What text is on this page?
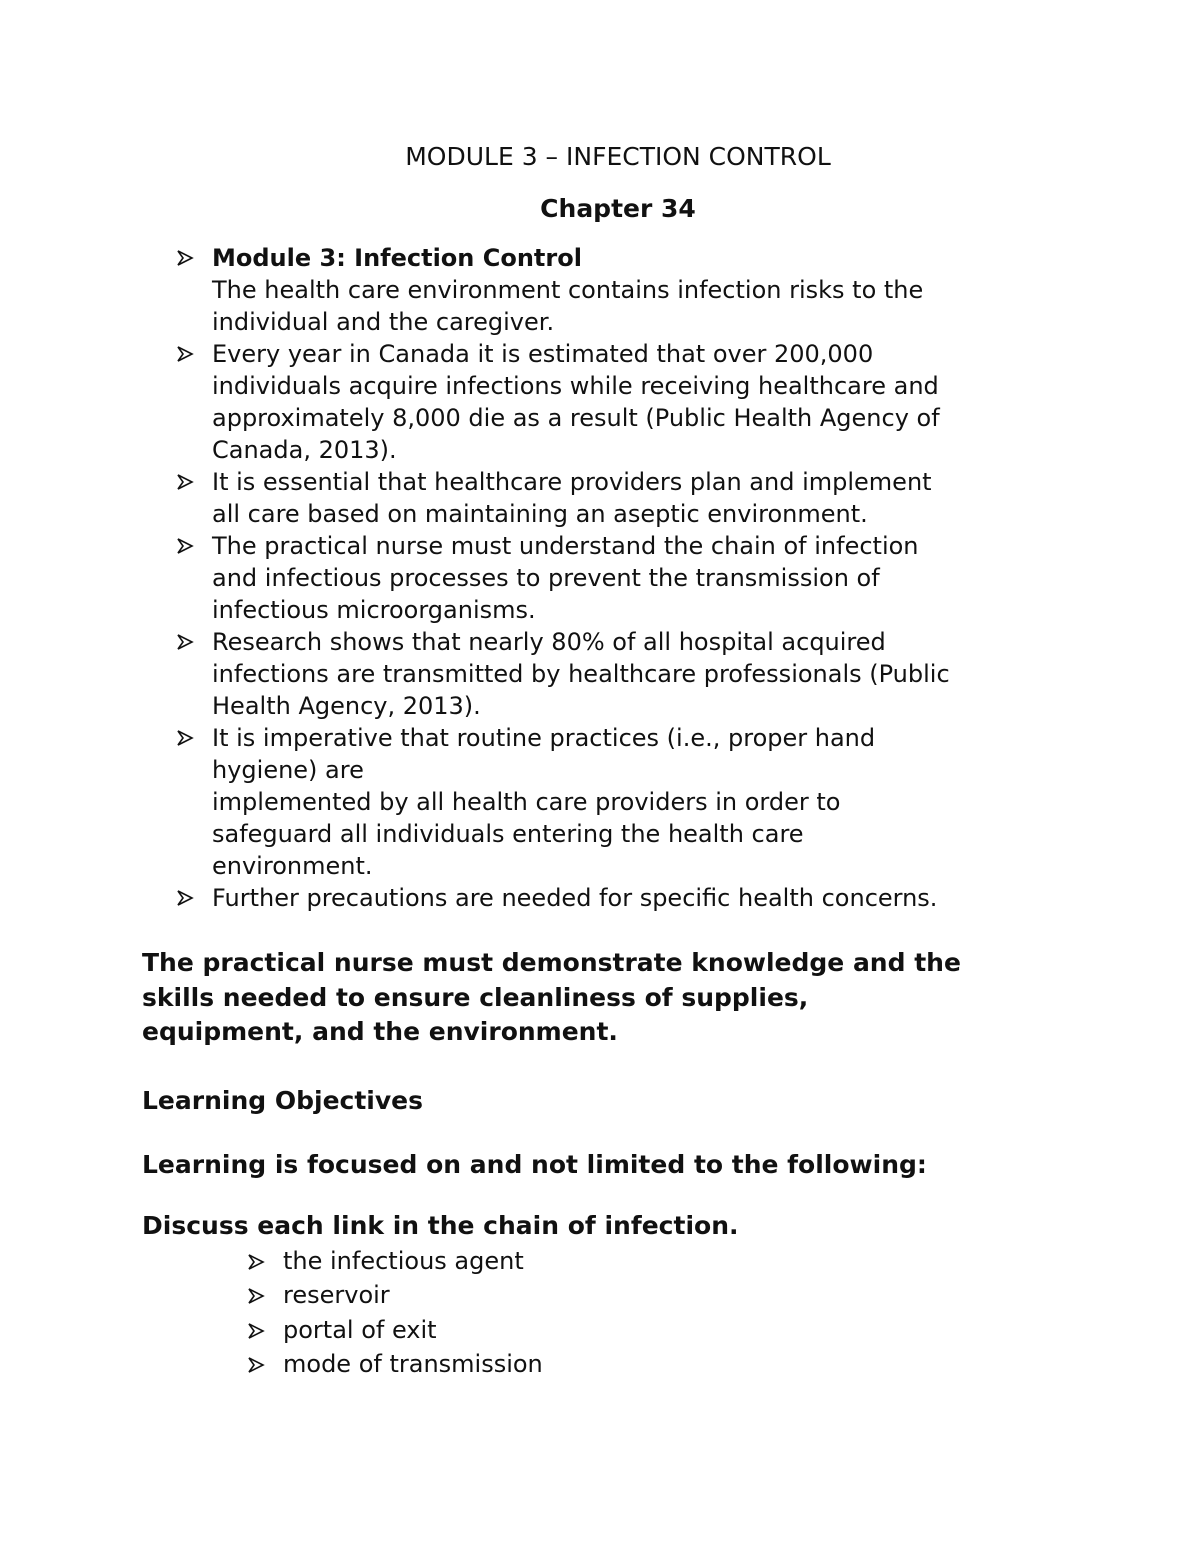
MODULE 3 – INFECTION CONTROL
Chapter 34
Module 3: Infection Control
The health care environment contains infection risks to the
individual and the caregiver.
Every year in Canada it is estimated that over 200,000
individuals acquire infections while receiving healthcare and
approximately 8,000 die as a result (Public Health Agency of
Canada, 2013).
It is essential that healthcare providers plan and implement
all care based on maintaining an aseptic environment.
The practical nurse must understand the chain of infection
and infectious processes to prevent the transmission of
infectious microorganisms.
Research shows that nearly 80% of all hospital acquired
infections are transmitted by healthcare professionals (Public
Health Agency, 2013).
It is imperative that routine practices (i.e., proper hand
hygiene) are
implemented by all health care providers in order to
safeguard all individuals entering the health care
environment.
Further precautions are needed for specific health concerns.
The practical nurse must demonstrate knowledge and the
skills needed to ensure cleanliness of supplies,
equipment, and the environment.
Learning Objectives
Learning is focused on and not limited to the following:
Discuss each link in the chain of infection.
the infectious agent
reservoir
portal of exit
mode of transmission
